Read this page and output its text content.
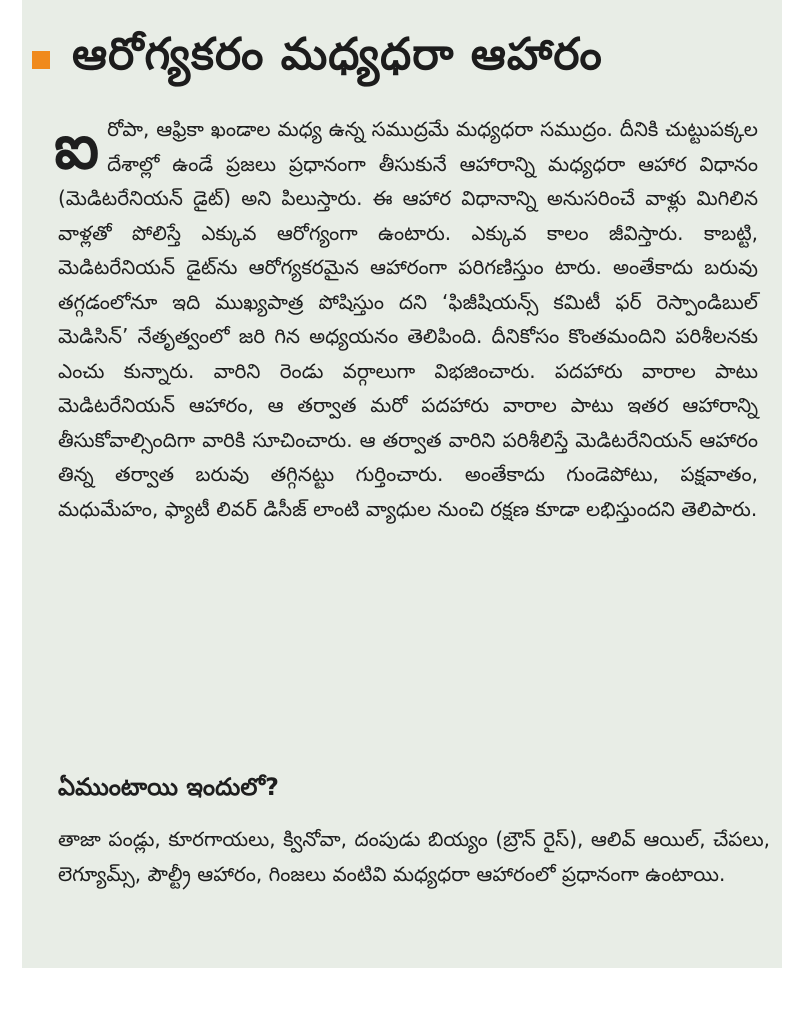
ఆరోగ్యకరం మధ్యధరా ఆహారం
ఐ రోపా, ఆఫ్రికా ఖండాల మధ్య ఉన్న సముద్రమే మధ్యధరా సముద్రం. దీనికి చుట్టుపక్కల దేశాల్లో ఉండే ప్రజలు ప్రధానంగా తీసుకునే ఆహారాన్ని మధ్యధరా ఆహార విధానం (మెడిటరేనియన్ డైట్) అని పిలుస్తారు. ఈ ఆహార విధానాన్ని అనుసరించే వాళ్లు మిగిలిన వాళ్లతో పోలిస్తే ఎక్కువ ఆరోగ్యంగా ఉంటారు. ఎక్కువ కాలం జీవిస్తారు. కాబట్టి, మెడిటరేనియన్ డైట్‌ను ఆరోగ్యకరమైన ఆహారంగా పరిగణిస్తుం టారు. అంతేకాదు బరువు తగ్గడంలోనూ ఇది ముఖ్యపాత్ర పోషిస్తుం దని ‘ఫిజీషియన్స్ కమిటీ ఫర్ రెస్పాండిబుల్ మెడిసిన్’ నేతృత్వంలో జరి గిన అధ్యయనం తెలిపింది. దీనికోసం కొంతమందిని పరిశీలనకు ఎంచు కున్నారు. వారిని రెండు వర్గాలుగా విభజించారు. పదహారు వారాల పాటు మెడిటరేనియన్ ఆహారం, ఆ తర్వాత మరో పదహారు వారాల పాటు ఇతర ఆహారాన్ని తీసుకోవాల్సిందిగా వారికి సూచించారు. ఆ తర్వాత వారిని పరిశీలిస్తే మెడిటరేనియన్ ఆహారం తిన్న తర్వాత బరువు తగ్గినట్టు గుర్తించారు. అంతేకాదు గుండెపోటు, పక్షవాతం, మధుమేహం, ఫ్యాటీ లివర్ డిసీజ్ లాంటి వ్యాధుల నుంచి రక్షణ కూడా లభిస్తుందని తెలిపారు.
ఏముంటాయి ఇందులో?
తాజా పండ్లు, కూరగాయలు, క్వినోవా, దంపుడు బియ్యం (బ్రౌన్ రైస్), ఆలివ్ ఆయిల్, చేపలు, లెగ్యూమ్స్, పౌల్ట్రీ ఆహారం, గింజలు వంటివి మధ్యధరా ఆహారంలో ప్రధానంగా ఉంటాయి.
